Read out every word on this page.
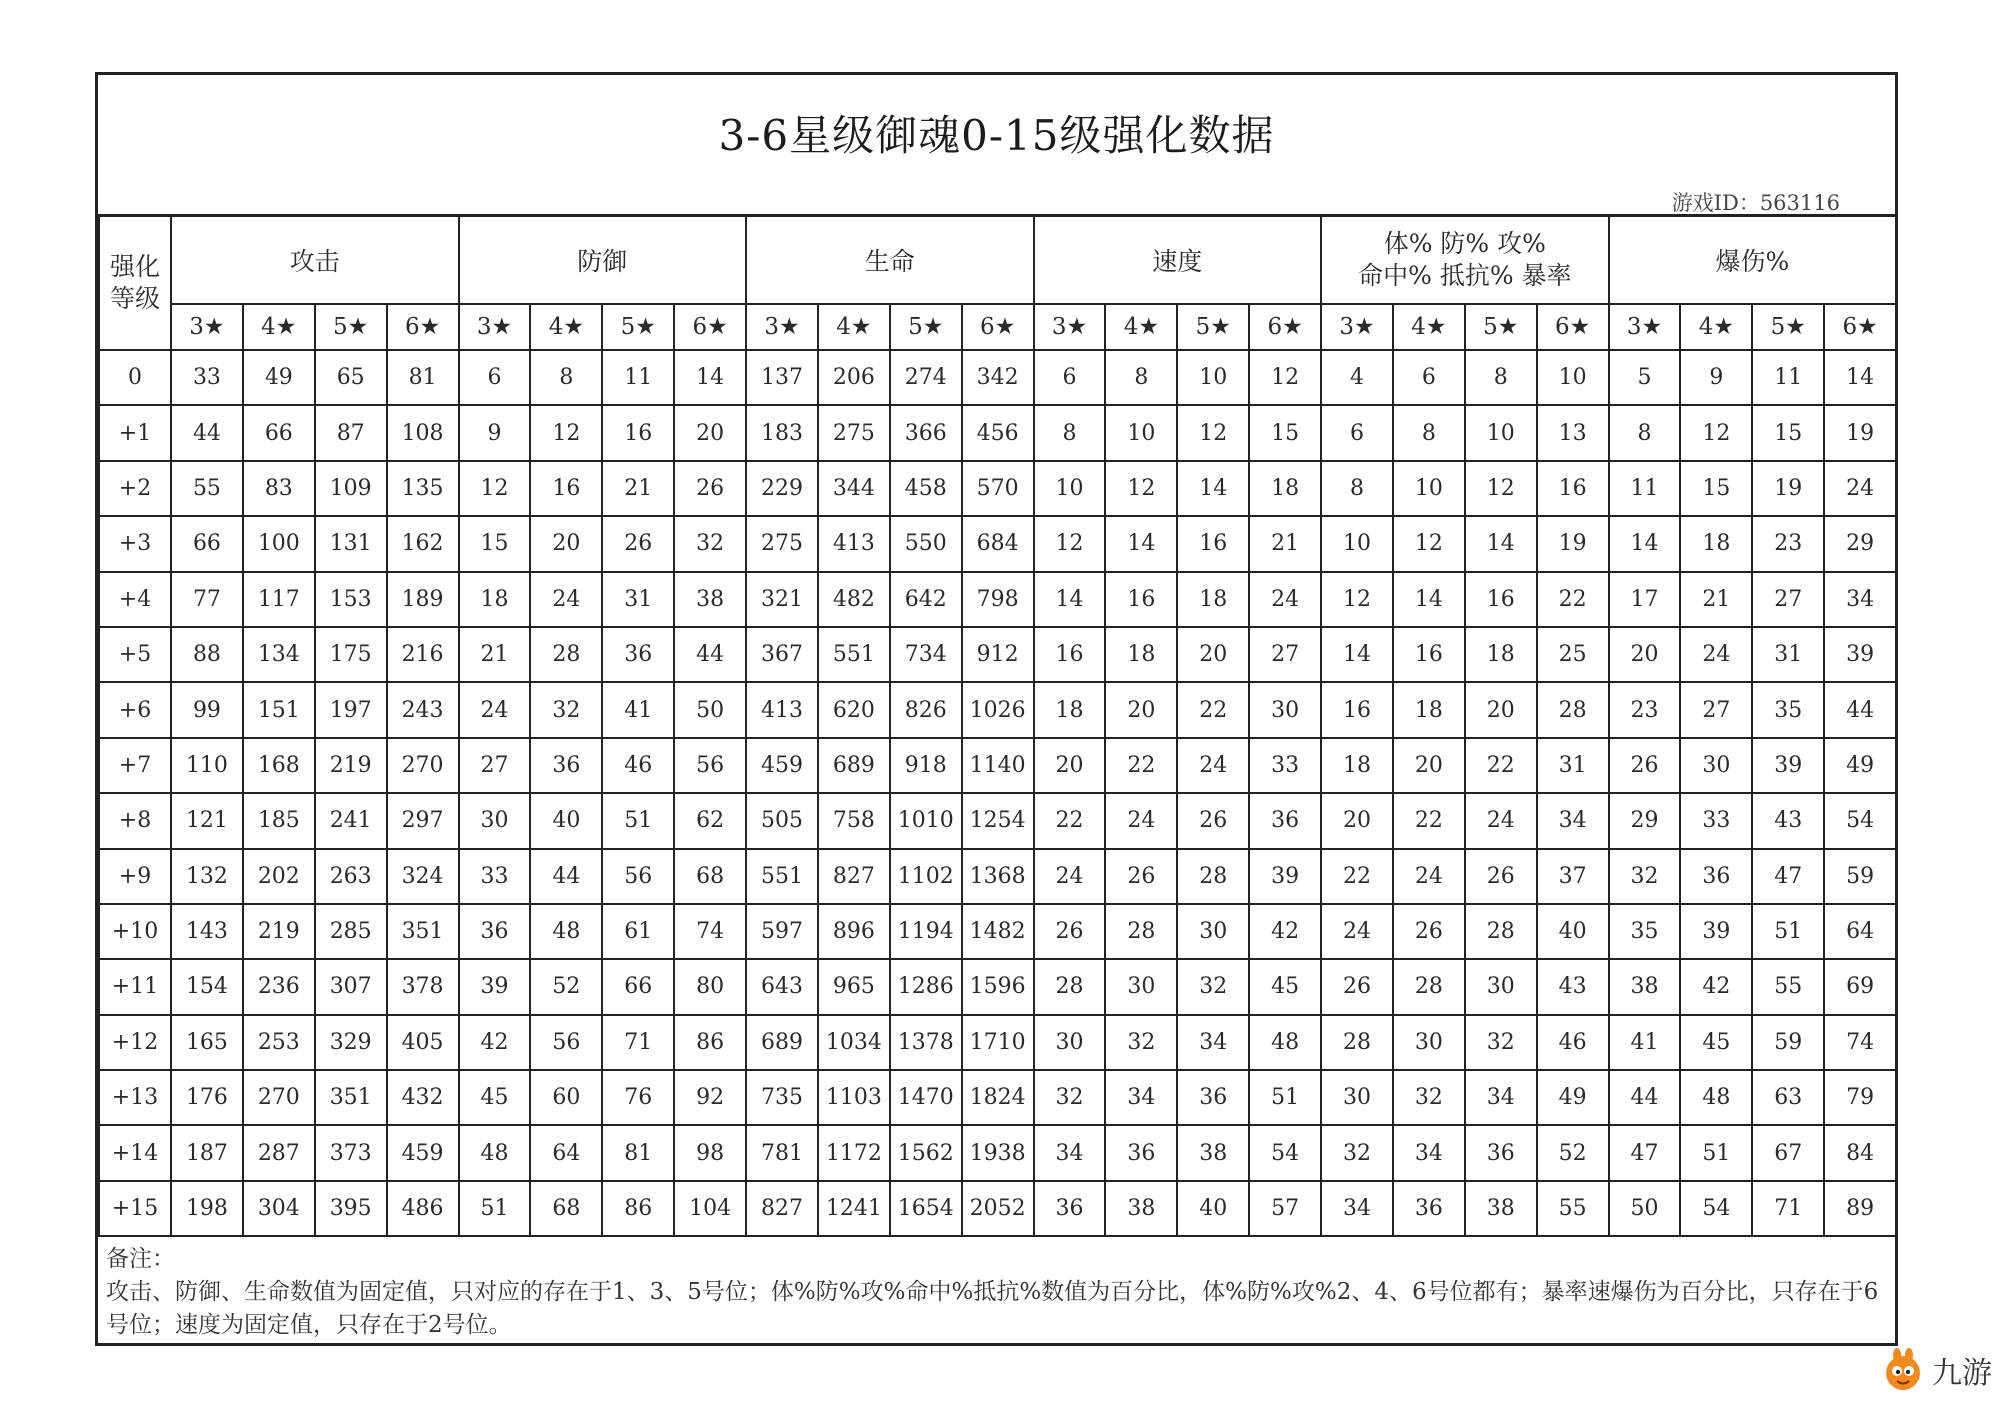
3-6星级御魂0-15级强化数据
游戏ID：563116
强化
等级	攻击				防御				生命				速度				体% 防% 攻%
命中% 抵抗% 暴率				爆伤%			
	3★	4★	5★	6★	3★	4★	5★	6★	3★	4★	5★	6★	3★	4★	5★	6★	3★	4★	5★	6★	3★	4★	5★	6★
0	33	49	65	81	6	8	11	14	137	206	274	342	6	8	10	12	4	6	8	10	5	9	11	14
+1	44	66	87	108	9	12	16	20	183	275	366	456	8	10	12	15	6	8	10	13	8	12	15	19
+2	55	83	109	135	12	16	21	26	229	344	458	570	10	12	14	18	8	10	12	16	11	15	19	24
+3	66	100	131	162	15	20	26	32	275	413	550	684	12	14	16	21	10	12	14	19	14	18	23	29
+4	77	117	153	189	18	24	31	38	321	482	642	798	14	16	18	24	12	14	16	22	17	21	27	34
+5	88	134	175	216	21	28	36	44	367	551	734	912	16	18	20	27	14	16	18	25	20	24	31	39
+6	99	151	197	243	24	32	41	50	413	620	826	1026	18	20	22	30	16	18	20	28	23	27	35	44
+7	110	168	219	270	27	36	46	56	459	689	918	1140	20	22	24	33	18	20	22	31	26	30	39	49
+8	121	185	241	297	30	40	51	62	505	758	1010	1254	22	24	26	36	20	22	24	34	29	33	43	54
+9	132	202	263	324	33	44	56	68	551	827	1102	1368	24	26	28	39	22	24	26	37	32	36	47	59
+10	143	219	285	351	36	48	61	74	597	896	1194	1482	26	28	30	42	24	26	28	40	35	39	51	64
+11	154	236	307	378	39	52	66	80	643	965	1286	1596	28	30	32	45	26	28	30	43	38	42	55	69
+12	165	253	329	405	42	56	71	86	689	1034	1378	1710	30	32	34	48	28	30	32	46	41	45	59	74
+13	176	270	351	432	45	60	76	92	735	1103	1470	1824	32	34	36	51	30	32	34	49	44	48	63	79
+14	187	287	373	459	48	64	81	98	781	1172	1562	1938	34	36	38	54	32	34	36	52	47	51	67	84
+15	198	304	395	486	51	68	86	104	827	1241	1654	2052	36	38	40	57	34	36	38	55	50	54	71	89
备注：
攻击、防御、生命数值为固定值，只对应的存在于1、3、5号位；体%防%攻%命中%抵抗%数值为百分比，体%防%攻%2、4、6号位都有；暴率速爆伤为百分比，只存在于6号位；速度为固定值，只存在于2号位。
九游
